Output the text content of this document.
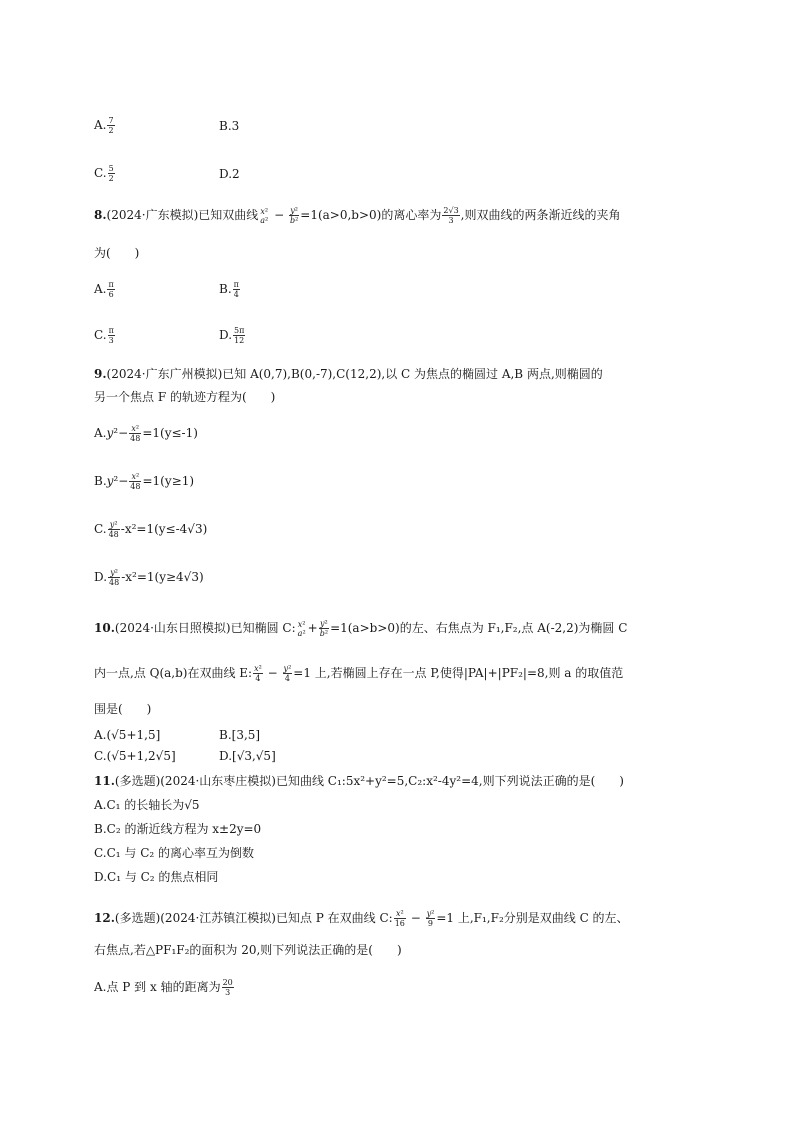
A. $\frac{7}{2}$	B.3
C. $\frac{5}{2}$	D.2
8.(2024·广东模拟)已知双曲线 x²
$a^2 - \frac{\text{y²}}{\text{b²}} =1(a>0,b>0)$的离心率为 $\frac{2√3}{3}$ ,则双曲线的两条渐近线的夹角
为(　　)
A. $\frac{\pi}{6}$	B. $\frac{\pi}{4}$
C. $\frac{\pi}{3}$	D. $\frac{5\pi}{12}$
9.(2024·广东广州模拟)已知 A(0,7),B(0,-7),C(12,2),以 C 为焦点的椭圆过 A,B 两点,则椭圆的
另一个焦点 F 的轨迹方程为(　　)
$A.y^2- \frac{\text{x²}}{48} =1(y\le-1)$
$B.y^2- \frac{\text{x²}}{48} =1(y\ge 1)$
C. $\frac{\text{y²}}{48} -x^2=1(y\le-4√3)$
D. $\frac{\text{y²}}{48} -x^2=1(y\ge 4√3)$
10.(2024·山东日照模拟)已知椭圆 C: x²
$a^2 + \frac{\text{y²}}{\text{b²}} =1(a>b>0)$的左、右焦点为 F₁,F₂,点 A(-2,2)为椭圆 C
内一点,点 Q(a,b)在双曲线 E: $\frac{\text{x²}}{4} - \frac{\text{y²}}{4} =1$ 上,若椭圆上存在一点 P,使得|PA|+|PF₂|=8,则 a 的取值范
围是(　　)
A.(√5+1,5]	B.[3,5]
C.(√5+1,2√5]	D.[√3,√5]
11.(多选题)(2024·山东枣庄模拟)已知曲线 C₁:5x²+y²=5,C₂:x²-4y²=4,则下列说法正确的是(　　)
A.C₁ 的长轴长为√5
B.C₂ 的渐近线方程为 x±2y=0
C.C₁ 与 C₂ 的离心率互为倒数
D.C₁ 与 C₂ 的焦点相同
12.(多选题)(2024·江苏镇江模拟)已知点 P 在双曲线 C: $\frac{\text{x²}}{16} - \frac{\text{y²}}{9} =1$ 上,F₁,F₂分别是双曲线 C 的左、
右焦点,若△PF₁F₂的面积为 20,则下列说法正确的是(　　)
A.点 P 到 x 轴的距离为 $\frac{20}{3}$
